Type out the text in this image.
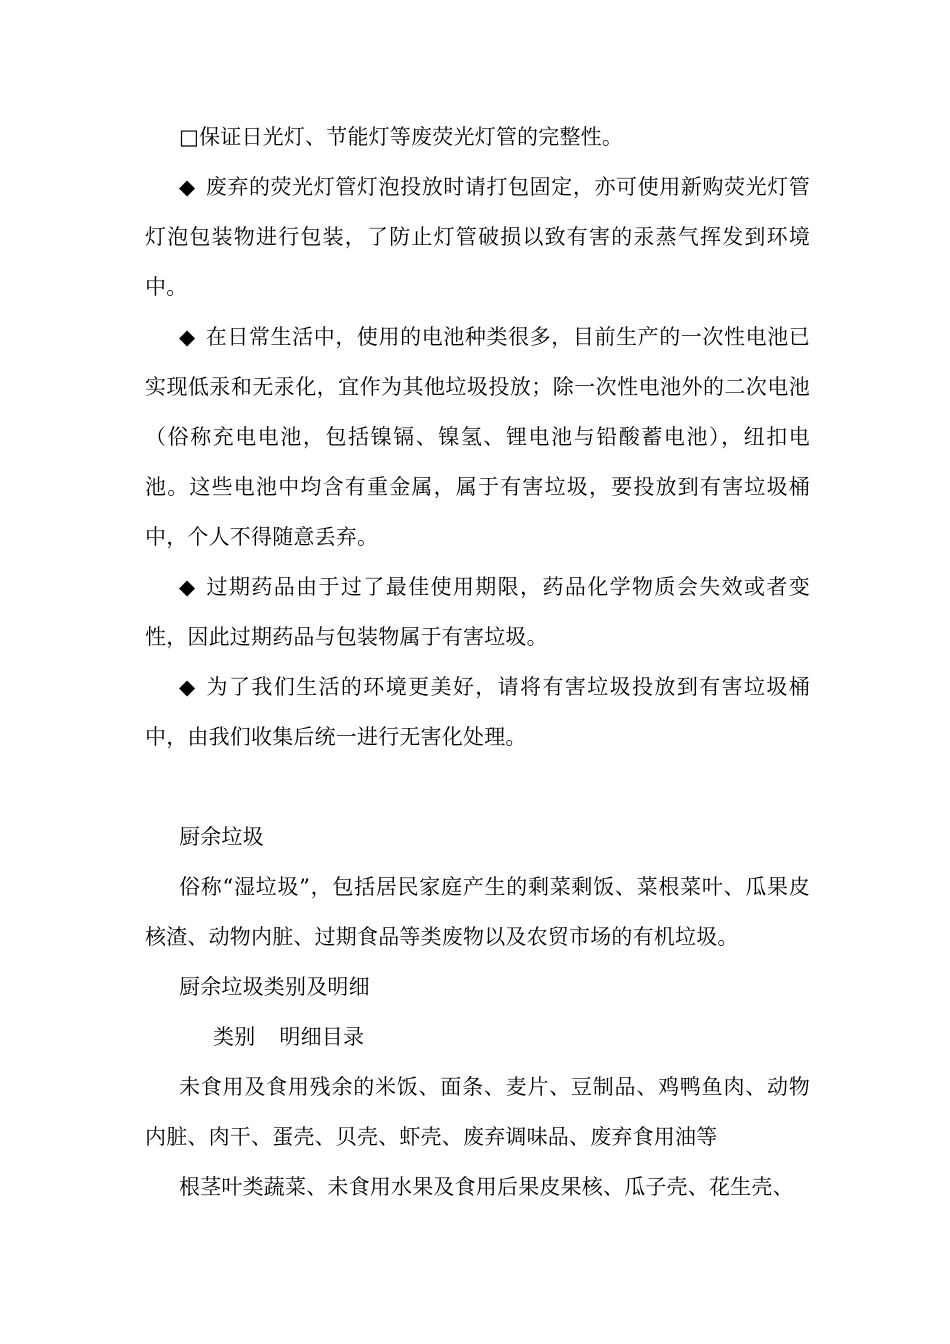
□保证日光灯、节能灯等废荧光灯管的完整性。

◆ 废弃的荧光灯管灯泡投放时请打包固定，亦可使用新购荧光灯管灯泡包装物进行包装，了防止灯管破损以致有害的汞蒸气挥发到环境中。

◆ 在日常生活中，使用的电池种类很多，目前生产的一次性电池已实现低汞和无汞化，宜作为其他垃圾投放；除一次性电池外的二次电池（俗称充电电池，包括镍镉、镍氢、锂电池与铅酸蓄电池），纽扣电池。这些电池中均含有重金属，属于有害垃圾，要投放到有害垃圾桶中，个人不得随意丢弃。

◆ 过期药品由于过了最佳使用期限，药品化学物质会失效或者变性，因此过期药品与包装物属于有害垃圾。

◆ 为了我们生活的环境更美好，请将有害垃圾投放到有害垃圾桶中，由我们收集后统一进行无害化处理。

厨余垃圾

俗称“湿垃圾”，包括居民家庭产生的剩菜剩饭、菜根菜叶、瓜果皮核渣、动物内脏、过期食品等类废物以及农贸市场的有机垃圾。

厨余垃圾类别及明细

类别 明细目录

未食用及食用残余的米饭、面条、麦片、豆制品、鸡鸭鱼肉、动物内脏、肉干、蛋壳、贝壳、虾壳、废弃调味品、废弃食用油等

根茎叶类蔬菜、未食用水果及食用后果皮果核、瓜子壳、花生壳、
